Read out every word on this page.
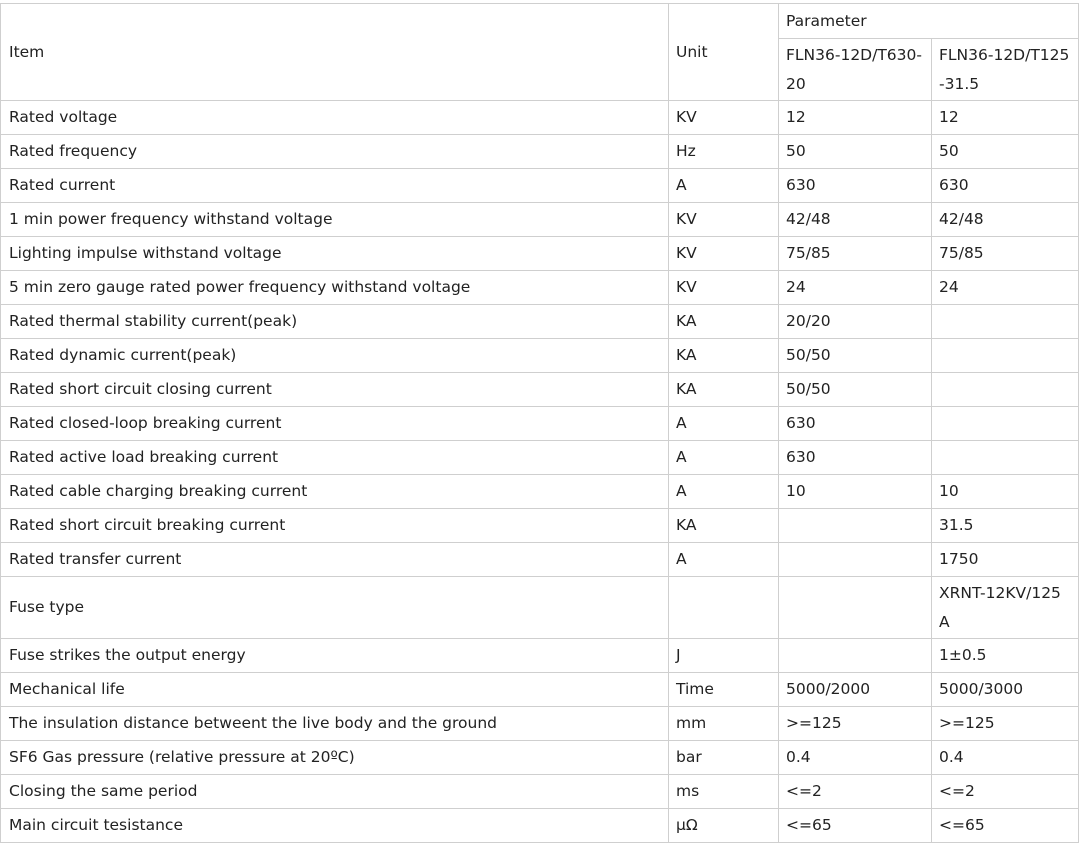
Item	Unit	Parameter	
		FLN36-12D/T630-20	FLN36-12D/T125-31.5
Rated voltage	KV	12	12
Rated frequency	Hz	50	50
Rated current	A	630	630
1 min power frequency withstand voltage	KV	42/48	42/48
Lighting impulse withstand voltage	KV	75/85	75/85
5 min zero gauge rated power frequency withstand voltage	KV	24	24
Rated thermal stability current(peak)	KA	20/20	
Rated dynamic current(peak)	KA	50/50	
Rated short circuit closing current	KA	50/50	
Rated closed-loop breaking current	A	630	
Rated active load breaking current	A	630	
Rated cable charging breaking current	A	10	10
Rated short circuit breaking current	KA		31.5
Rated transfer current	A		1750
Fuse type			XRNT-12KV/125A
Fuse strikes the output energy	J		1±0.5
Mechanical life	Time	5000/2000	5000/3000
The insulation distance betweent the live body and the ground	mm	>=125	>=125
SF6 Gas pressure (relative pressure at 20ºC)	bar	0.4	0.4
Closing the same period	ms	<=2	<=2
Main circuit tesistance	μΩ	<=65	<=65
